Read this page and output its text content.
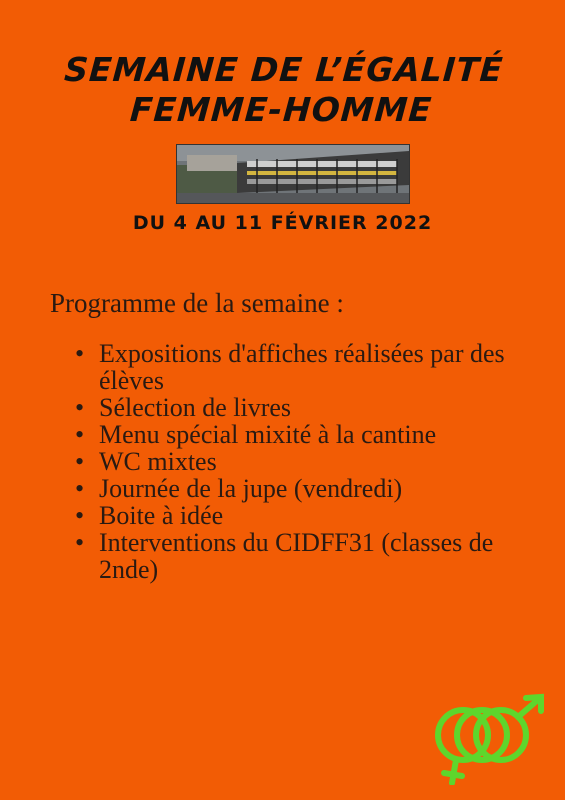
SEMAINE DE L’ÉGALITÉ
FEMME-HOMME
DU 4 AU 11 FÉVRIER 2022
Programme de la semaine :
• Expositions d'affiches réalisées par des élèves
• Sélection de livres
• Menu spécial mixité à la cantine
• WC mixtes
• Journée de la jupe (vendredi)
• Boite à idée
• Interventions du CIDFF31 (classes de 2nde)
